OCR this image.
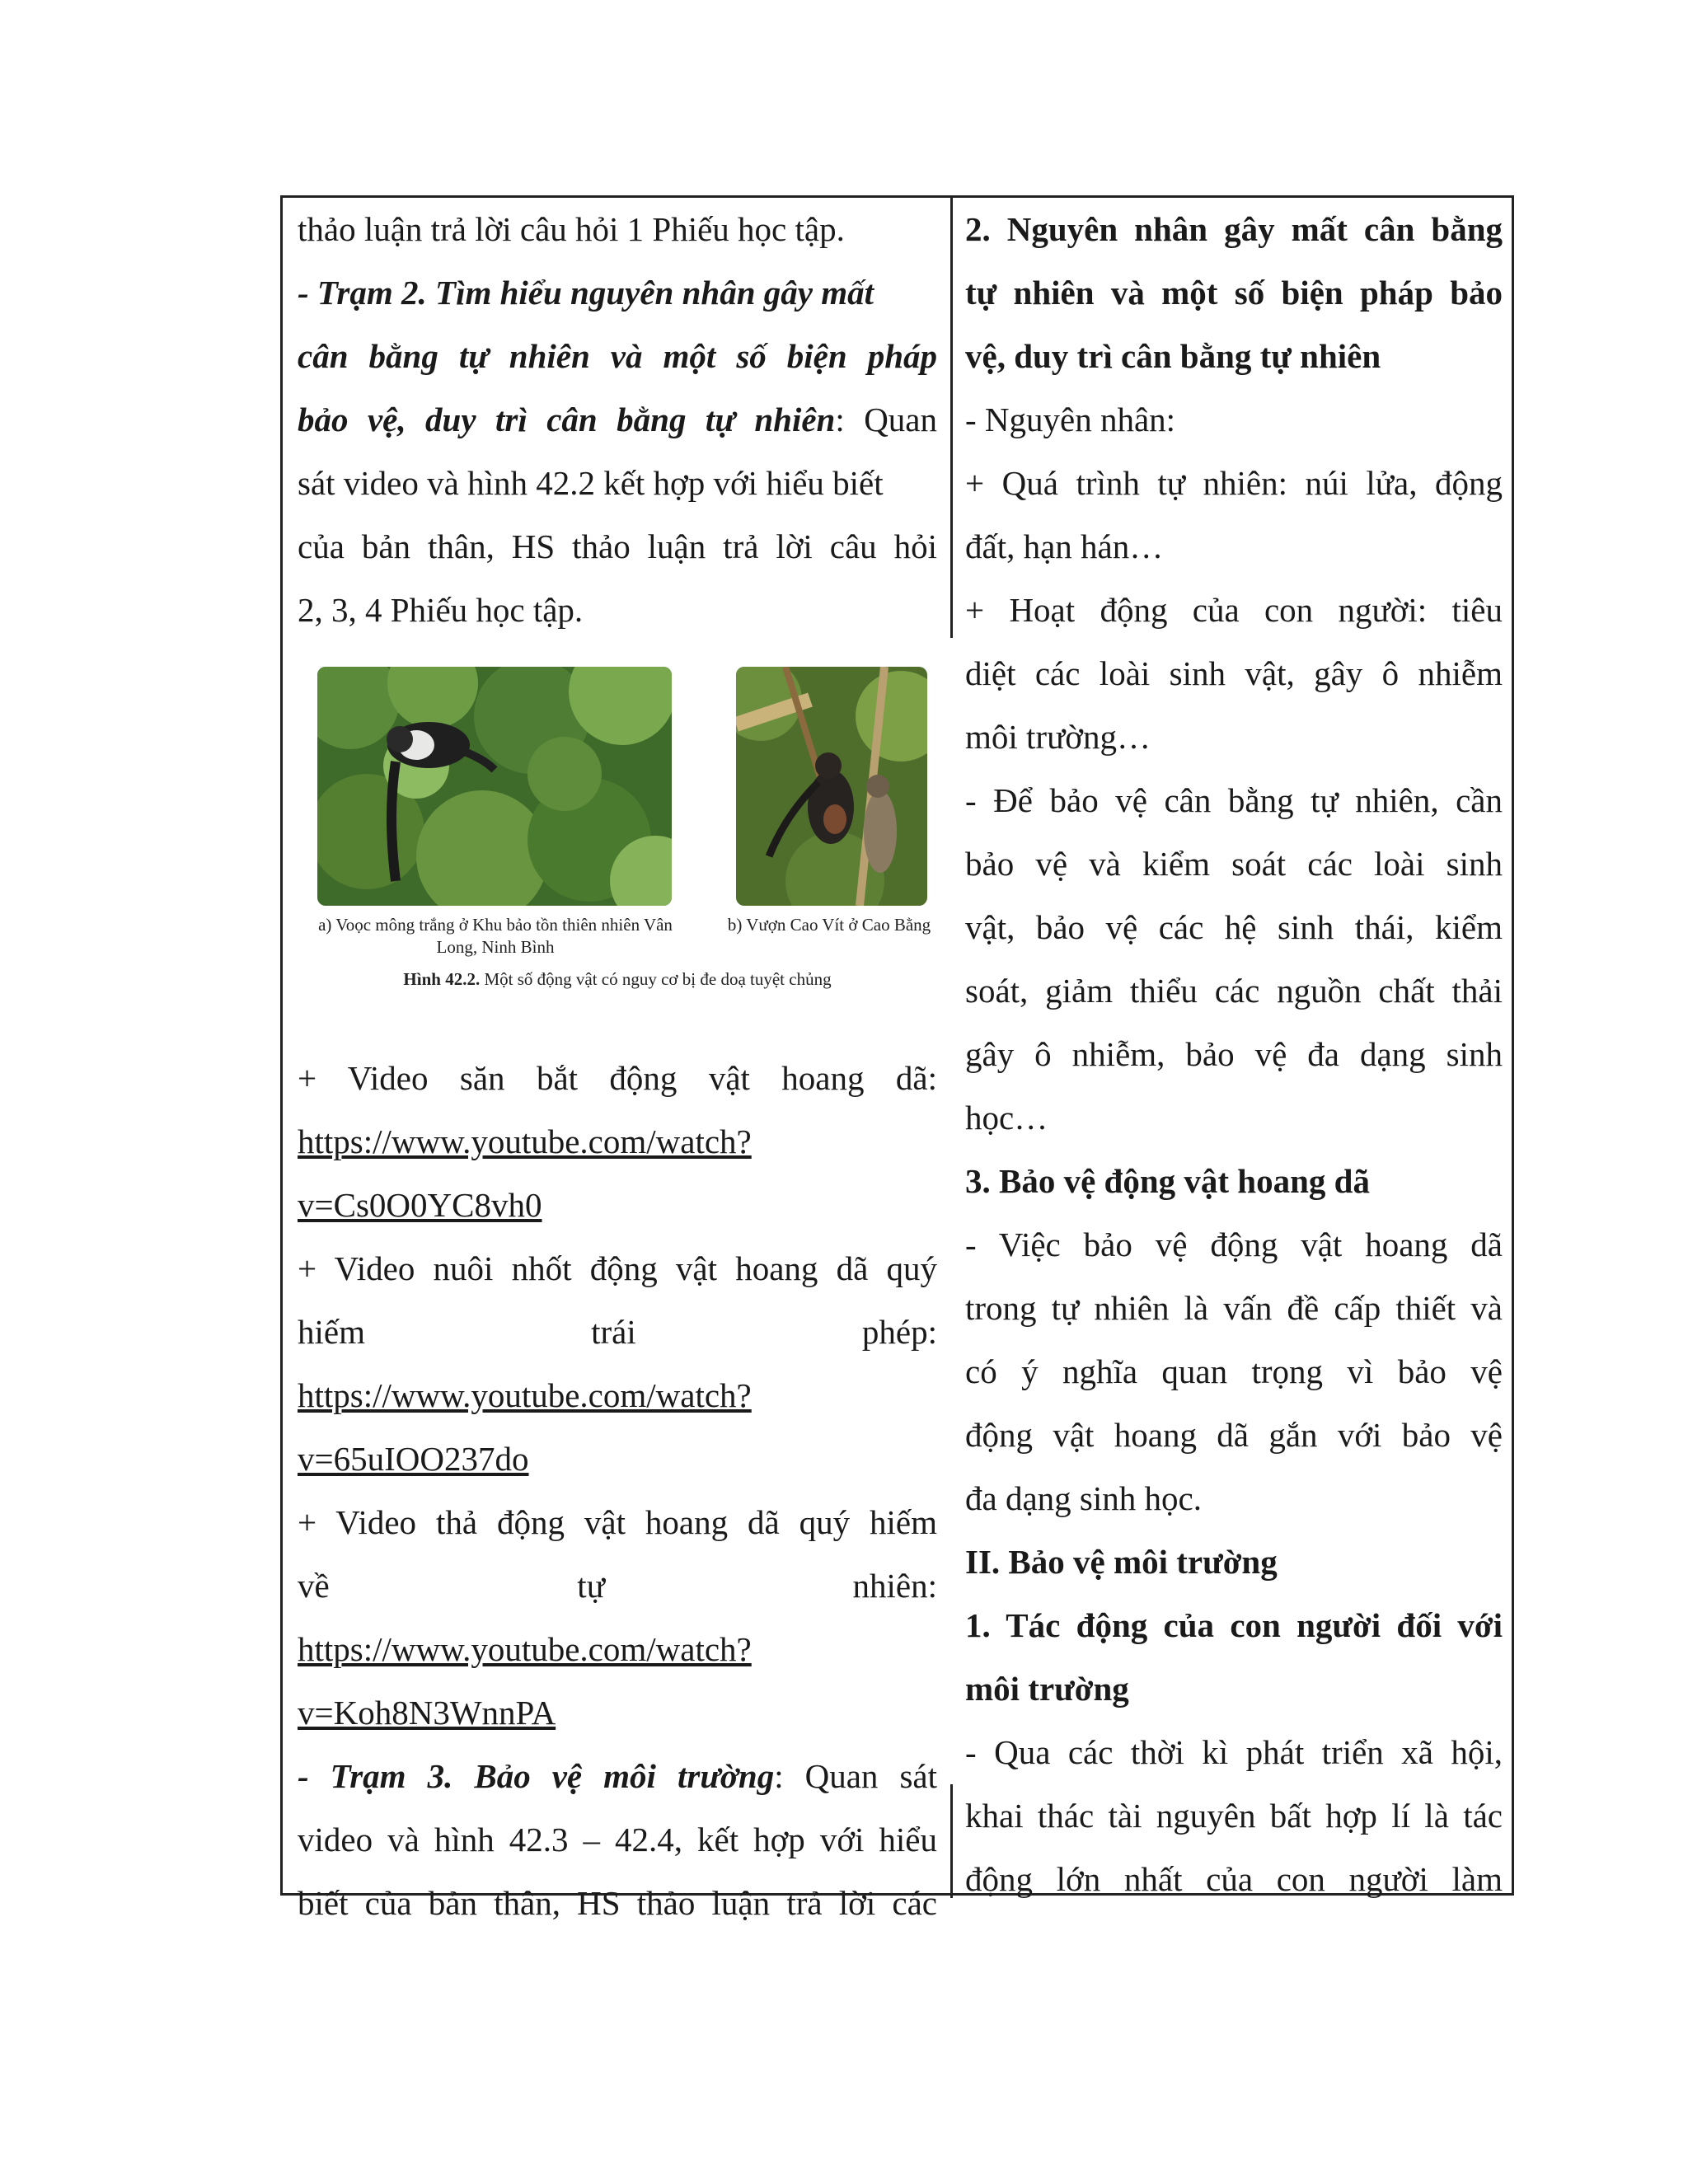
thảo luận trả lời câu hỏi 1 Phiếu học tập.
- Trạm 2. Tìm hiểu nguyên nhân gây mất
cân bằng tự nhiên và một số biện pháp
bảo vệ, duy trì cân bằng tự nhiên: Quan
sát video và hình 42.2 kết hợp với hiểu biết
của bản thân, HS thảo luận trả lời câu hỏi
2, 3, 4 Phiếu học tập.
a) Voọc mông trắng ở Khu bảo tồn thiên nhiên Vân Long, Ninh Bình
b) Vượn Cao Vít ở Cao Bằng
Hình 42.2. Một số động vật có nguy cơ bị đe doạ tuyệt chủng
+ Video săn bắt động vật hoang dã:
https://www.youtube.com/watch?
v=Cs0O0YC8vh0
+ Video nuôi nhốt động vật hoang dã quý
hiếm trái phép:
https://www.youtube.com/watch?
v=65uIOO237do
+ Video thả động vật hoang dã quý hiếm
về tự nhiên:
https://www.youtube.com/watch?
v=Koh8N3WnnPA
- Trạm 3. Bảo vệ môi trường: Quan sát
video và hình 42.3 – 42.4, kết hợp với hiểu
biết của bản thân, HS thảo luận trả lời các
2. Nguyên nhân gây mất cân bằng
tự nhiên và một số biện pháp bảo
vệ, duy trì cân bằng tự nhiên
- Nguyên nhân:
+ Quá trình tự nhiên: núi lửa, động
đất, hạn hán…
+ Hoạt động của con người: tiêu
diệt các loài sinh vật, gây ô nhiễm
môi trường…
- Để bảo vệ cân bằng tự nhiên, cần
bảo vệ và kiểm soát các loài sinh
vật, bảo vệ các hệ sinh thái, kiểm
soát, giảm thiểu các nguồn chất thải
gây ô nhiễm, bảo vệ đa dạng sinh
học…
3. Bảo vệ động vật hoang dã
- Việc bảo vệ động vật hoang dã
trong tự nhiên là vấn đề cấp thiết và
có ý nghĩa quan trọng vì bảo vệ
động vật hoang dã gắn với bảo vệ
đa dạng sinh học.
II. Bảo vệ môi trường
1. Tác động của con người đối với
môi trường
- Qua các thời kì phát triển xã hội,
khai thác tài nguyên bất hợp lí là tác
động lớn nhất của con người làm
